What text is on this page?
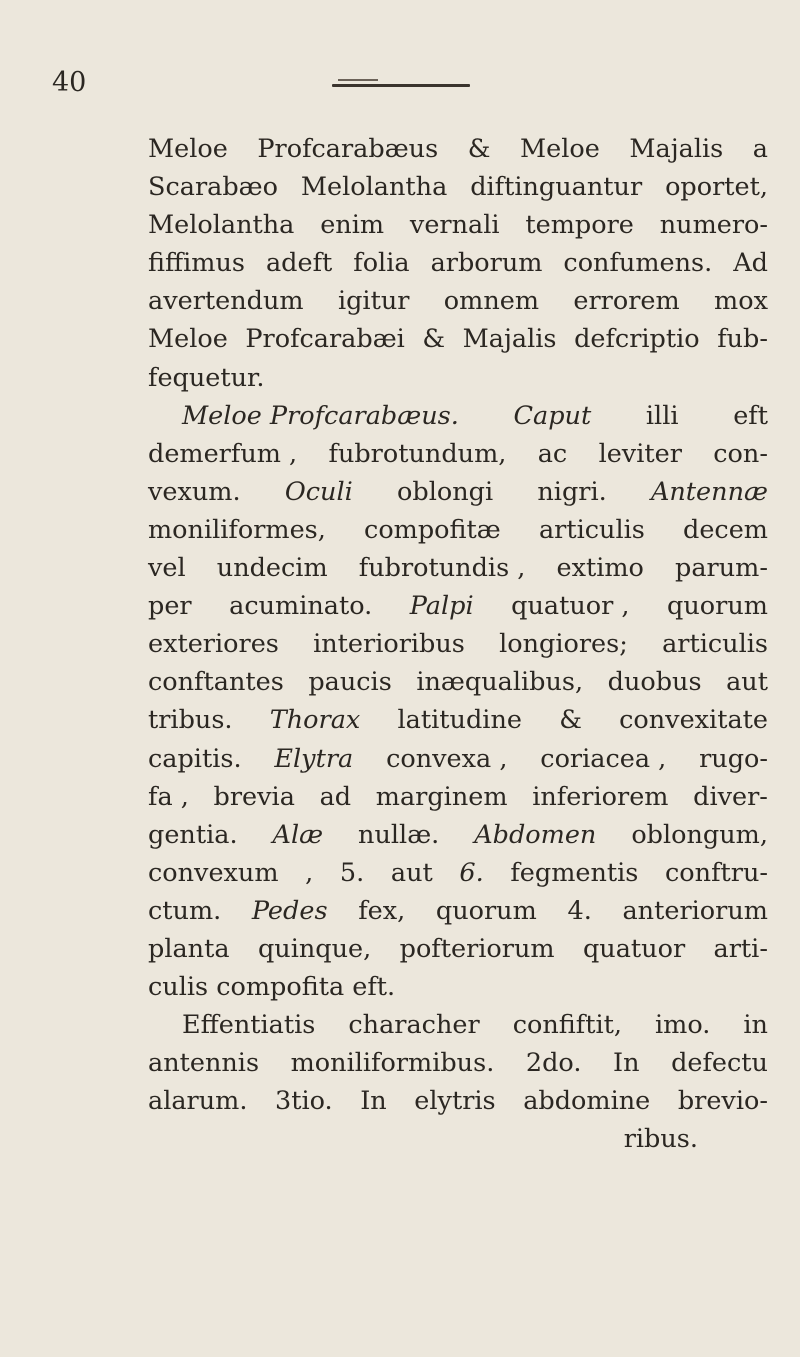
40
Meloe Profcarabæus & Meloe Majalis a
Scarabæo Melolantha diftinguantur oportet,
Melolantha enim vernali tempore numero-
fiffimus adeft folia arborum confumens. Ad
avertendum igitur omnem errorem mox
Meloe Profcarabæi & Majalis defcriptio fub-
fequetur.
Meloe Profcarabæus. Caput illi eft
demerfum , fubrotundum, ac leviter con-
vexum. Oculi oblongi nigri. Antennæ
moniliformes, compofitæ articulis decem
vel undecim fubrotundis , extimo parum-
per acuminato. Palpi quatuor , quorum
exteriores interioribus longiores; articulis
conftantes paucis inæqualibus, duobus aut
tribus. Thorax latitudine & convexitate
capitis. Elytra convexa , coriacea , rugo-
fa , brevia ad marginem inferiorem diver-
gentia. Alæ nullæ. Abdomen oblongum,
convexum , 5. aut 6. fegmentis conftru-
ctum. Pedes fex, quorum 4. anteriorum
planta quinque, pofteriorum quatuor arti-
culis compofita eft.
Effentiatis characher confiftit, imo. in
antennis moniliformibus. 2do. In defectu
alarum. 3tio. In elytris abdomine brevio-
ribus.
